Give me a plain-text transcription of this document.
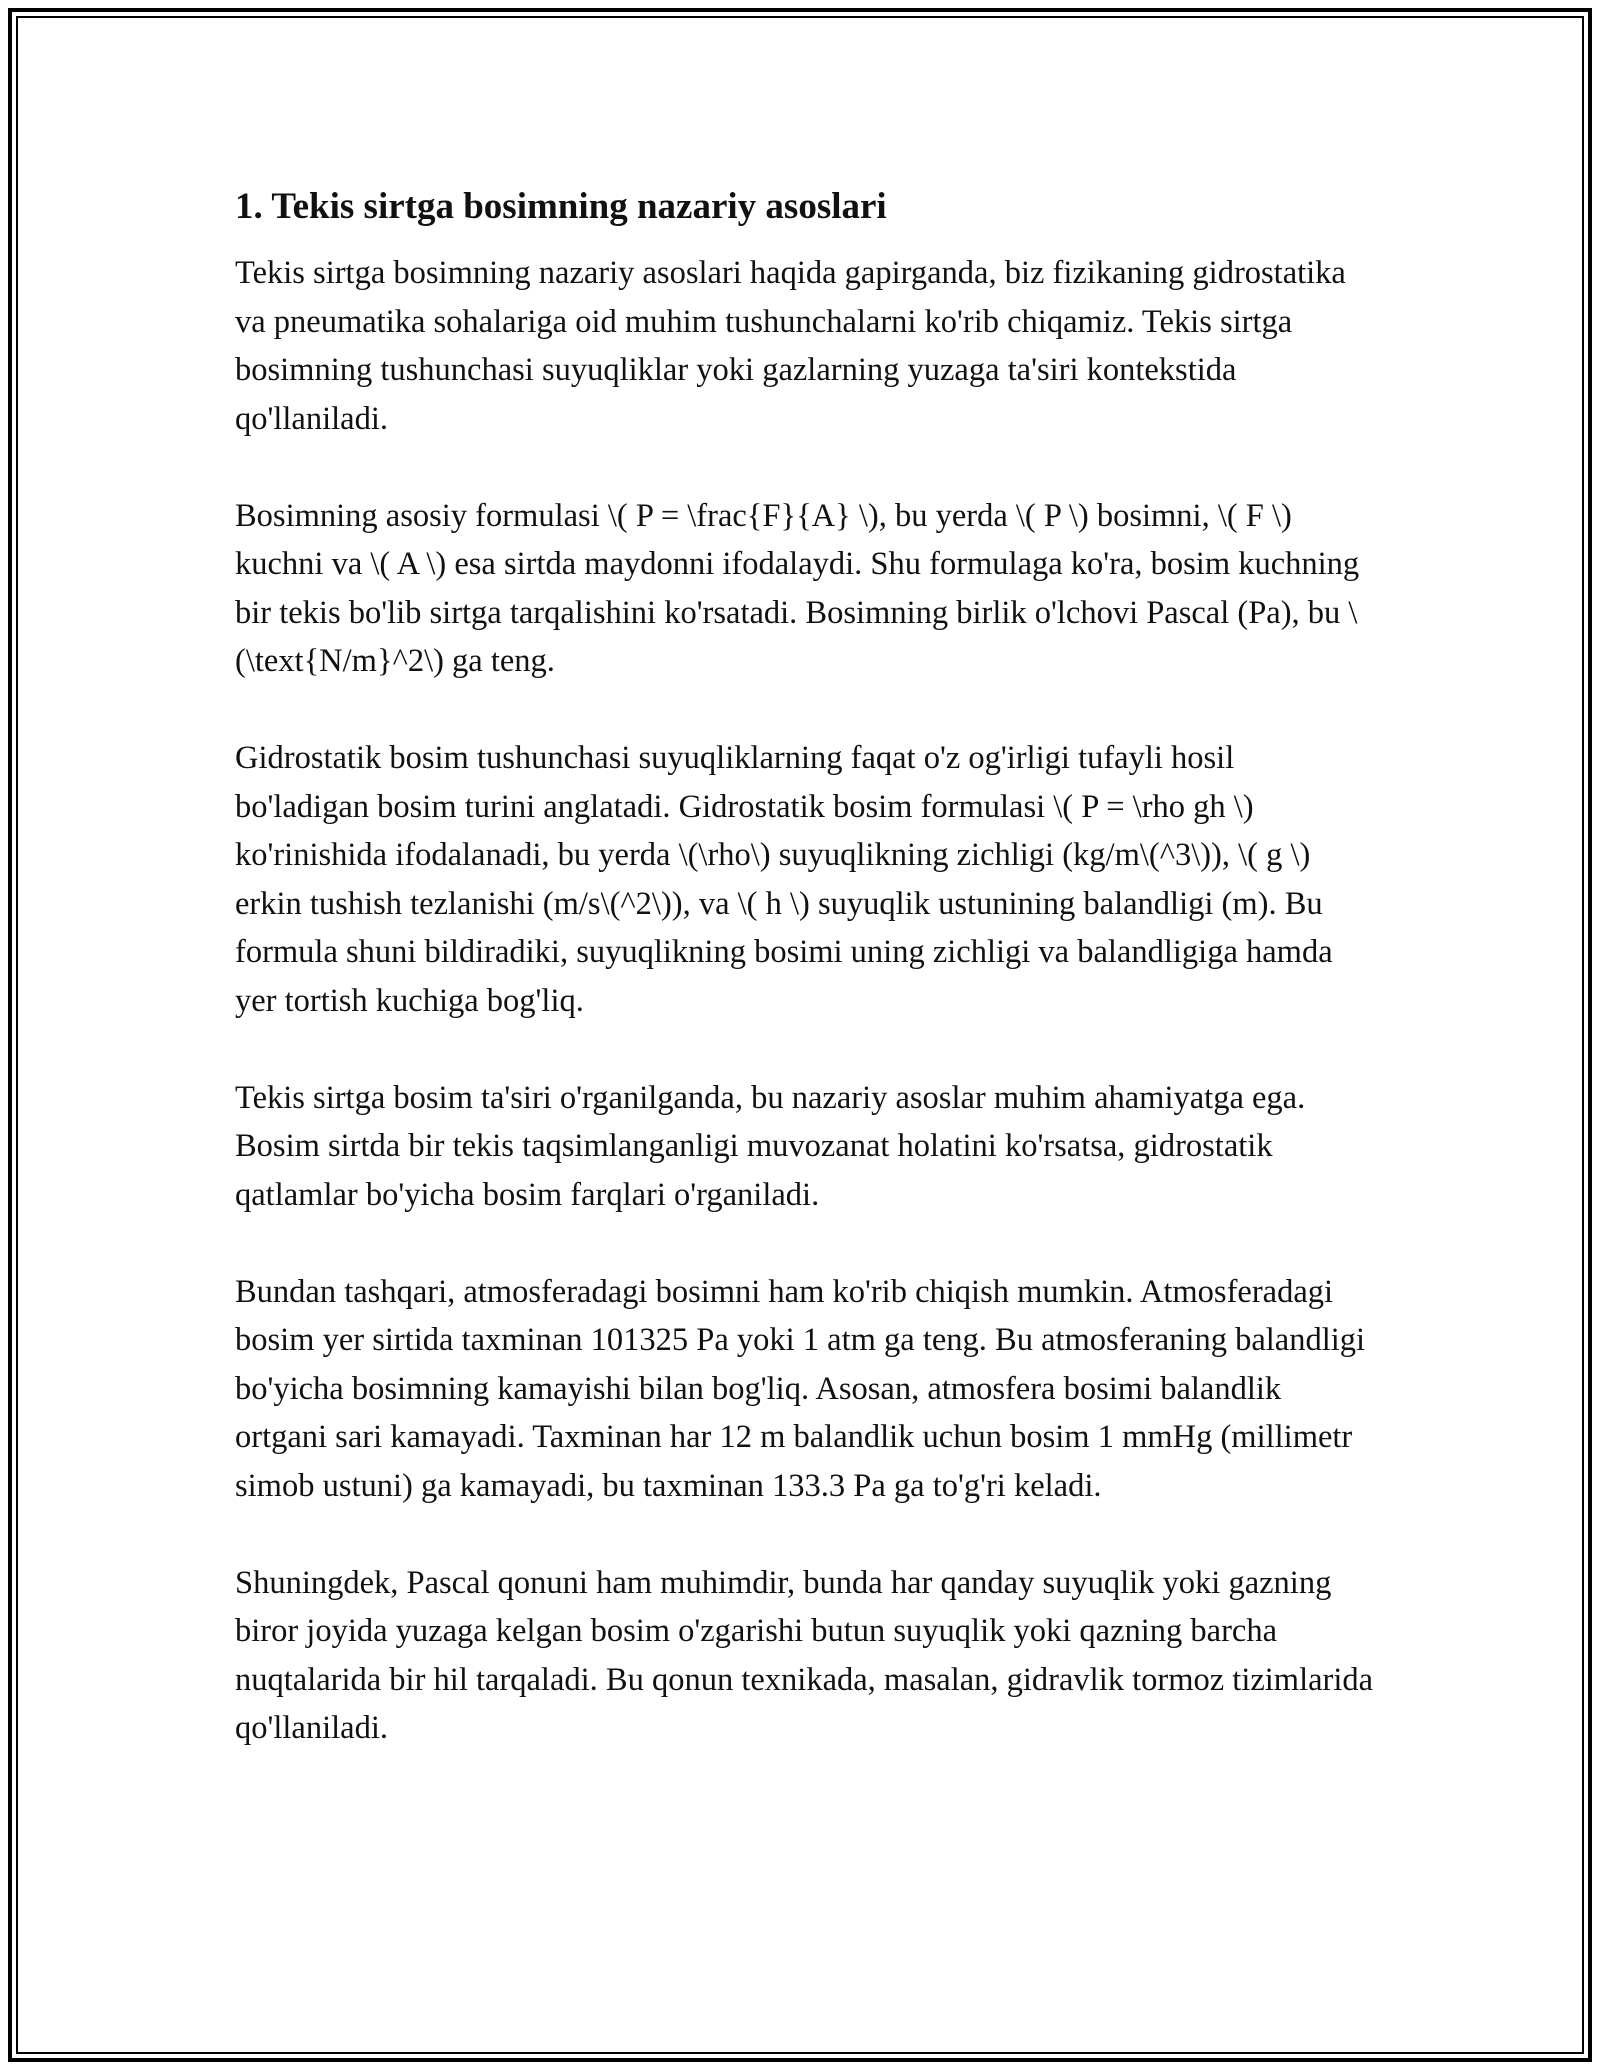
1. Tekis sirtga bosimning nazariy asoslari

Tekis sirtga bosimning nazariy asoslari haqida gapirganda, biz fizikaning gidrostatika va pneumatika sohalariga oid muhim tushunchalarni ko'rib chiqamiz. Tekis sirtga bosimning tushunchasi suyuqliklar yoki gazlarning yuzaga ta'siri kontekstida qo'llaniladi.

Bosimning asosiy formulasi \( P = \frac{F}{A} \), bu yerda \( P \) bosimni, \( F \) kuchni va \( A \) esa sirtda maydonni ifodalaydi. Shu formulaga ko'ra, bosim kuchning bir tekis bo'lib sirtga tarqalishini ko'rsatadi. Bosimning birlik o'lchovi Pascal (Pa), bu \(\text{N/m}^2\) ga teng.

Gidrostatik bosim tushunchasi suyuqliklarning faqat o'z og'irligi tufayli hosil bo'ladigan bosim turini anglatadi. Gidrostatik bosim formulasi \( P = \rho gh \) ko'rinishida ifodalanadi, bu yerda \(\rho\) suyuqlikning zichligi (kg/m\(^3\)), \( g \) erkin tushish tezlanishi (m/s\(^2\)), va \( h \) suyuqlik ustunining balandligi (m). Bu formula shuni bildiradiki, suyuqlikning bosimi uning zichligi va balandligiga hamda yer tortish kuchiga bog'liq.

Tekis sirtga bosim ta'siri o'rganilganda, bu nazariy asoslar muhim ahamiyatga ega. Bosim sirtda bir tekis taqsimlanganligi muvozanat holatini ko'rsatsa, gidrostatik qatlamlar bo'yicha bosim farqlari o'rganiladi.

Bundan tashqari, atmosferadagi bosimni ham ko'rib chiqish mumkin. Atmosferadagi bosim yer sirtida taxminan 101325 Pa yoki 1 atm ga teng. Bu atmosferaning balandligi bo'yicha bosimning kamayishi bilan bog'liq. Asosan, atmosfera bosimi balandlik ortgani sari kamayadi. Taxminan har 12 m balandlik uchun bosim 1 mmHg (millimetr simob ustuni) ga kamayadi, bu taxminan 133.3 Pa ga to'g'ri keladi.

Shuningdek, Pascal qonuni ham muhimdir, bunda har qanday suyuqlik yoki gazning biror joyida yuzaga kelgan bosim o'zgarishi butun suyuqlik yoki qazning barcha nuqtalarida bir hil tarqaladi. Bu qonun texnikada, masalan, gidravlik tormoz tizimlarida qo'llaniladi.
